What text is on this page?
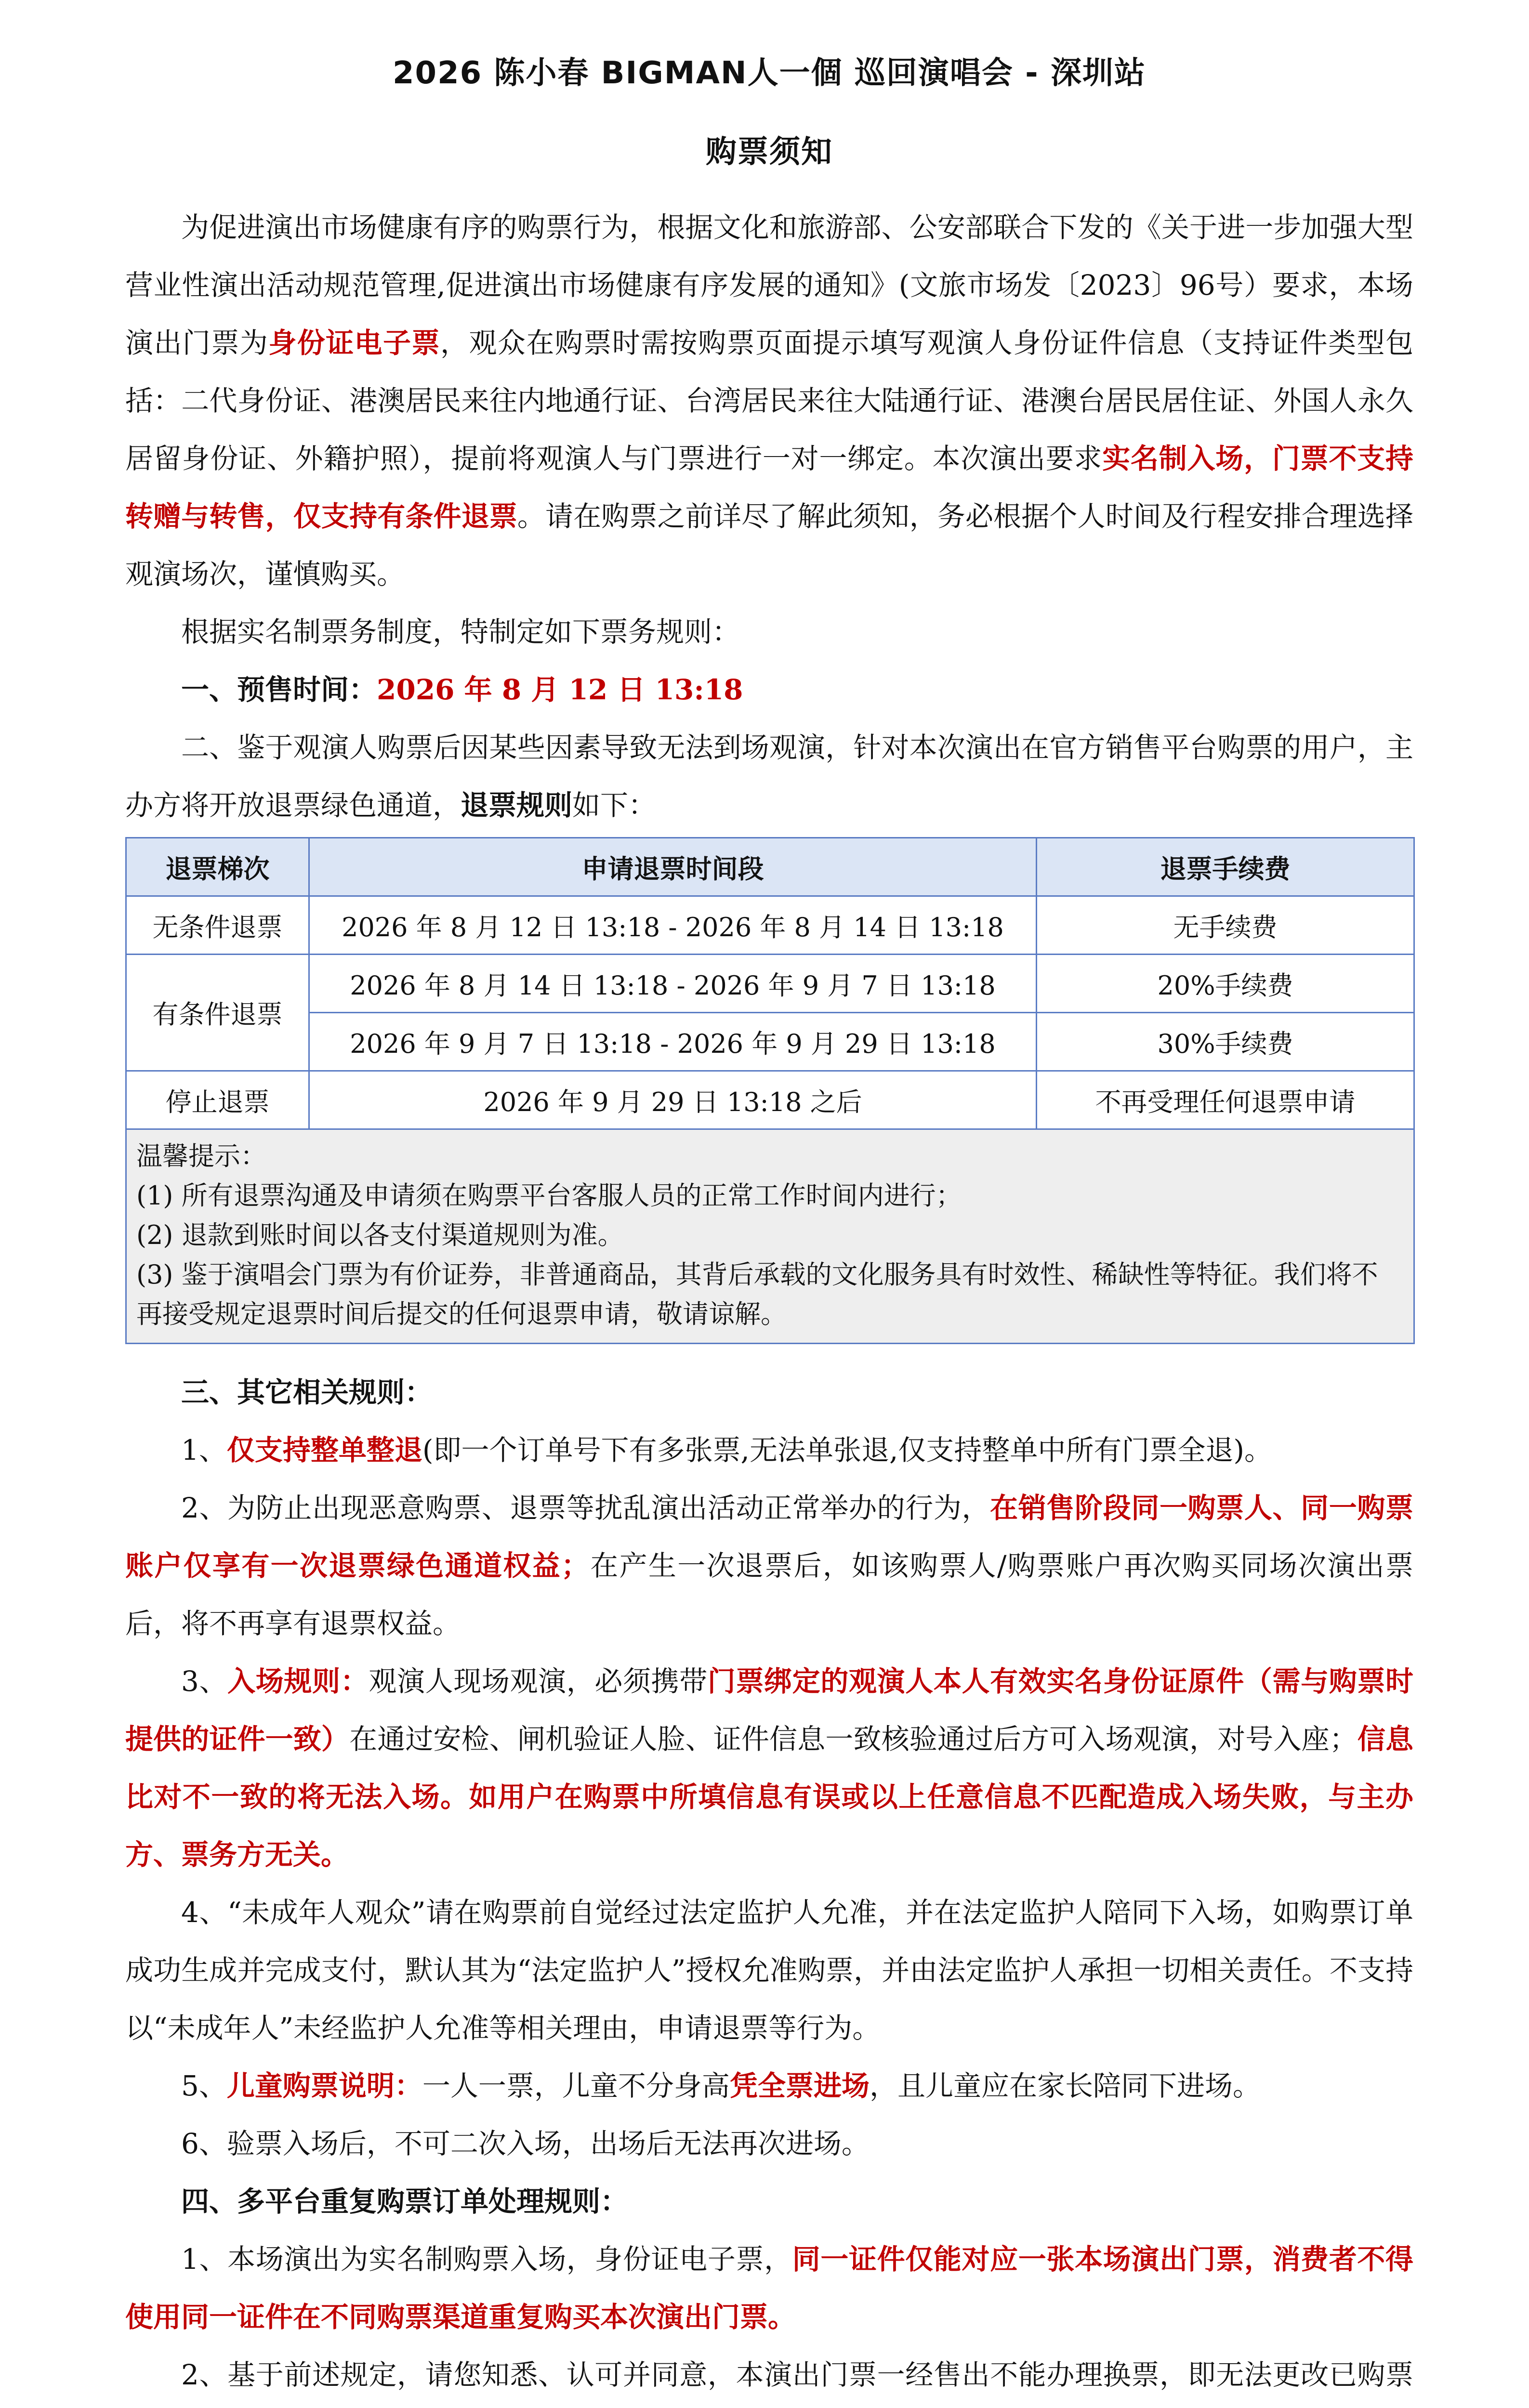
2026 陈小春 BIGMAN人一個 巡回演唱会 - 深圳站
购票须知

为促进演出市场健康有序的购票行为，根据文化和旅游部、公安部联合下发的《关于进一步加强大型营业性演出活动规范管理,促进演出市场健康有序发展的通知》(文旅市场发〔2023〕96号）要求，本场演出门票为身份证电子票，观众在购票时需按购票页面提示填写观演人身份证件信息（支持证件类型包括：二代身份证、港澳居民来往内地通行证、台湾居民来往大陆通行证、港澳台居民居住证、外国人永久居留身份证、外籍护照），提前将观演人与门票进行一对一绑定。本次演出要求实名制入场，门票不支持转赠与转售，仅支持有条件退票。请在购票之前详尽了解此须知，务必根据个人时间及行程安排合理选择观演场次，谨慎购买。

根据实名制票务制度，特制定如下票务规则：

一、预售时间：2026 年 8 月 12 日 13:18

二、鉴于观演人购票后因某些因素导致无法到场观演，针对本次演出在官方销售平台购票的用户，主办方将开放退票绿色通道，退票规则如下：

退票梯次	申请退票时间段	退票手续费
无条件退票	2026 年 8 月 12 日 13:18 - 2026 年 8 月 14 日 13:18	无手续费
有条件退票	2026 年 8 月 14 日 13:18 - 2026 年 9 月 7 日 13:18	20%手续费
	2026 年 9 月 7 日 13:18 - 2026 年 9 月 29 日 13:18	30%手续费
停止退票	2026 年 9 月 29 日 13:18 之后	不再受理任何退票申请

温馨提示：
(1) 所有退票沟通及申请须在购票平台客服人员的正常工作时间内进行；
(2) 退款到账时间以各支付渠道规则为准。
(3) 鉴于演唱会门票为有价证券，非普通商品，其背后承载的文化服务具有时效性、稀缺性等特征。我们将不再接受规定退票时间后提交的任何退票申请，敬请谅解。		
三、其它相关规则：

1、仅支持整单整退(即一个订单号下有多张票,无法单张退,仅支持整单中所有门票全退)。

2、为防止出现恶意购票、退票等扰乱演出活动正常举办的行为，在销售阶段同一购票人、同一购票账户仅享有一次退票绿色通道权益；在产生一次退票后，如该购票人/购票账户再次购买同场次演出票后，将不再享有退票权益。

3、入场规则：观演人现场观演，必须携带门票绑定的观演人本人有效实名身份证原件（需与购票时提供的证件一致）在通过安检、闸机验证人脸、证件信息一致核验通过后方可入场观演，对号入座；信息比对不一致的将无法入场。如用户在购票中所填信息有误或以上任意信息不匹配造成入场失败，与主办方、票务方无关。

4、“未成年人观众”请在购票前自觉经过法定监护人允准，并在法定监护人陪同下入场，如购票订单成功生成并完成支付，默认其为“法定监护人”授权允准购票，并由法定监护人承担一切相关责任。不支持以“未成年人”未经监护人允准等相关理由，申请退票等行为。

5、儿童购票说明：一人一票，儿童不分身高凭全票进场，且儿童应在家长陪同下进场。

6、验票入场后，不可二次入场，出场后无法再次进场。

四、多平台重复购票订单处理规则：

1、本场演出为实名制购票入场，身份证电子票，同一证件仅能对应一张本场演出门票，消费者不得使用同一证件在不同购票渠道重复购买本次演出门票。

2、基于前述规定，请您知悉、认可并同意，本演出门票一经售出不能办理换票，即无法更改已购票
